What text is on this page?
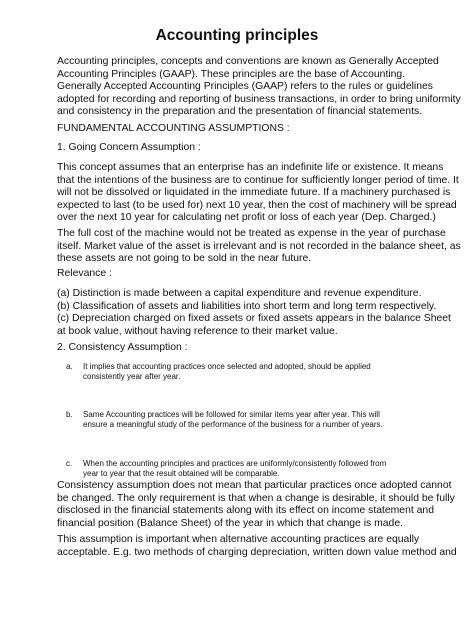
Accounting principles
Accounting principles, concepts and conventions are known as Generally Accepted
Accounting Principles (GAAP). These principles are the base of Accounting.
Generally Accepted Accounting Principles (GAAP) refers to the rules or guidelines
adopted for recording and reporting of business transactions, in order to bring uniformity
and consistency in the preparation and the presentation of financial statements.
FUNDAMENTAL ACCOUNTING ASSUMPTIONS :
1. Going Concern Assumption :
This concept assumes that an enterprise has an indefinite life or existence. It means
that the intentions of the business are to continue for sufficiently longer period of time. It
will not be dissolved or liquidated in the immediate future. If a machinery purchased is
expected to last (to be used for) next 10 year, then the cost of machinery will be spread
over the next 10 year for calculating net profit or loss of each year (Dep. Charged.)
The full cost of the machine would not be treated as expense in the year of purchase
itself. Market value of the asset is irrelevant and is not recorded in the balance sheet, as
these assets are not going to be sold in the near future.
Relevance :
(a) Distinction is made between a capital expenditure and revenue expenditure.
(b) Classification of assets and liabilities into short term and long term respectively.
(c) Depreciation charged on fixed assets or fixed assets appears in the balance Sheet
at book value, without having reference to their market value.
2. Consistency Assumption :
a. It implies that accounting practices once selected and adopted, should be applied
consistently year after year.
b. Same Accounting practices will be followed for similar items year after year. This will
ensure a meaningful study of the performance of the business for a number of years.
c. When the accounting principles and practices are uniformly/consistently followed from
year to year that the result obtained will be comparable.
Consistency assumption does not mean that particular practices once adopted cannot
be changed. The only requirement is that when a change is desirable, it should be fully
disclosed in the financial statements along with its effect on income statement and
financial position (Balance Sheet) of the year in which that change is made.
This assumption is important when alternative accounting practices are equally
acceptable. E.g. two methods of charging depreciation, written down value method and
